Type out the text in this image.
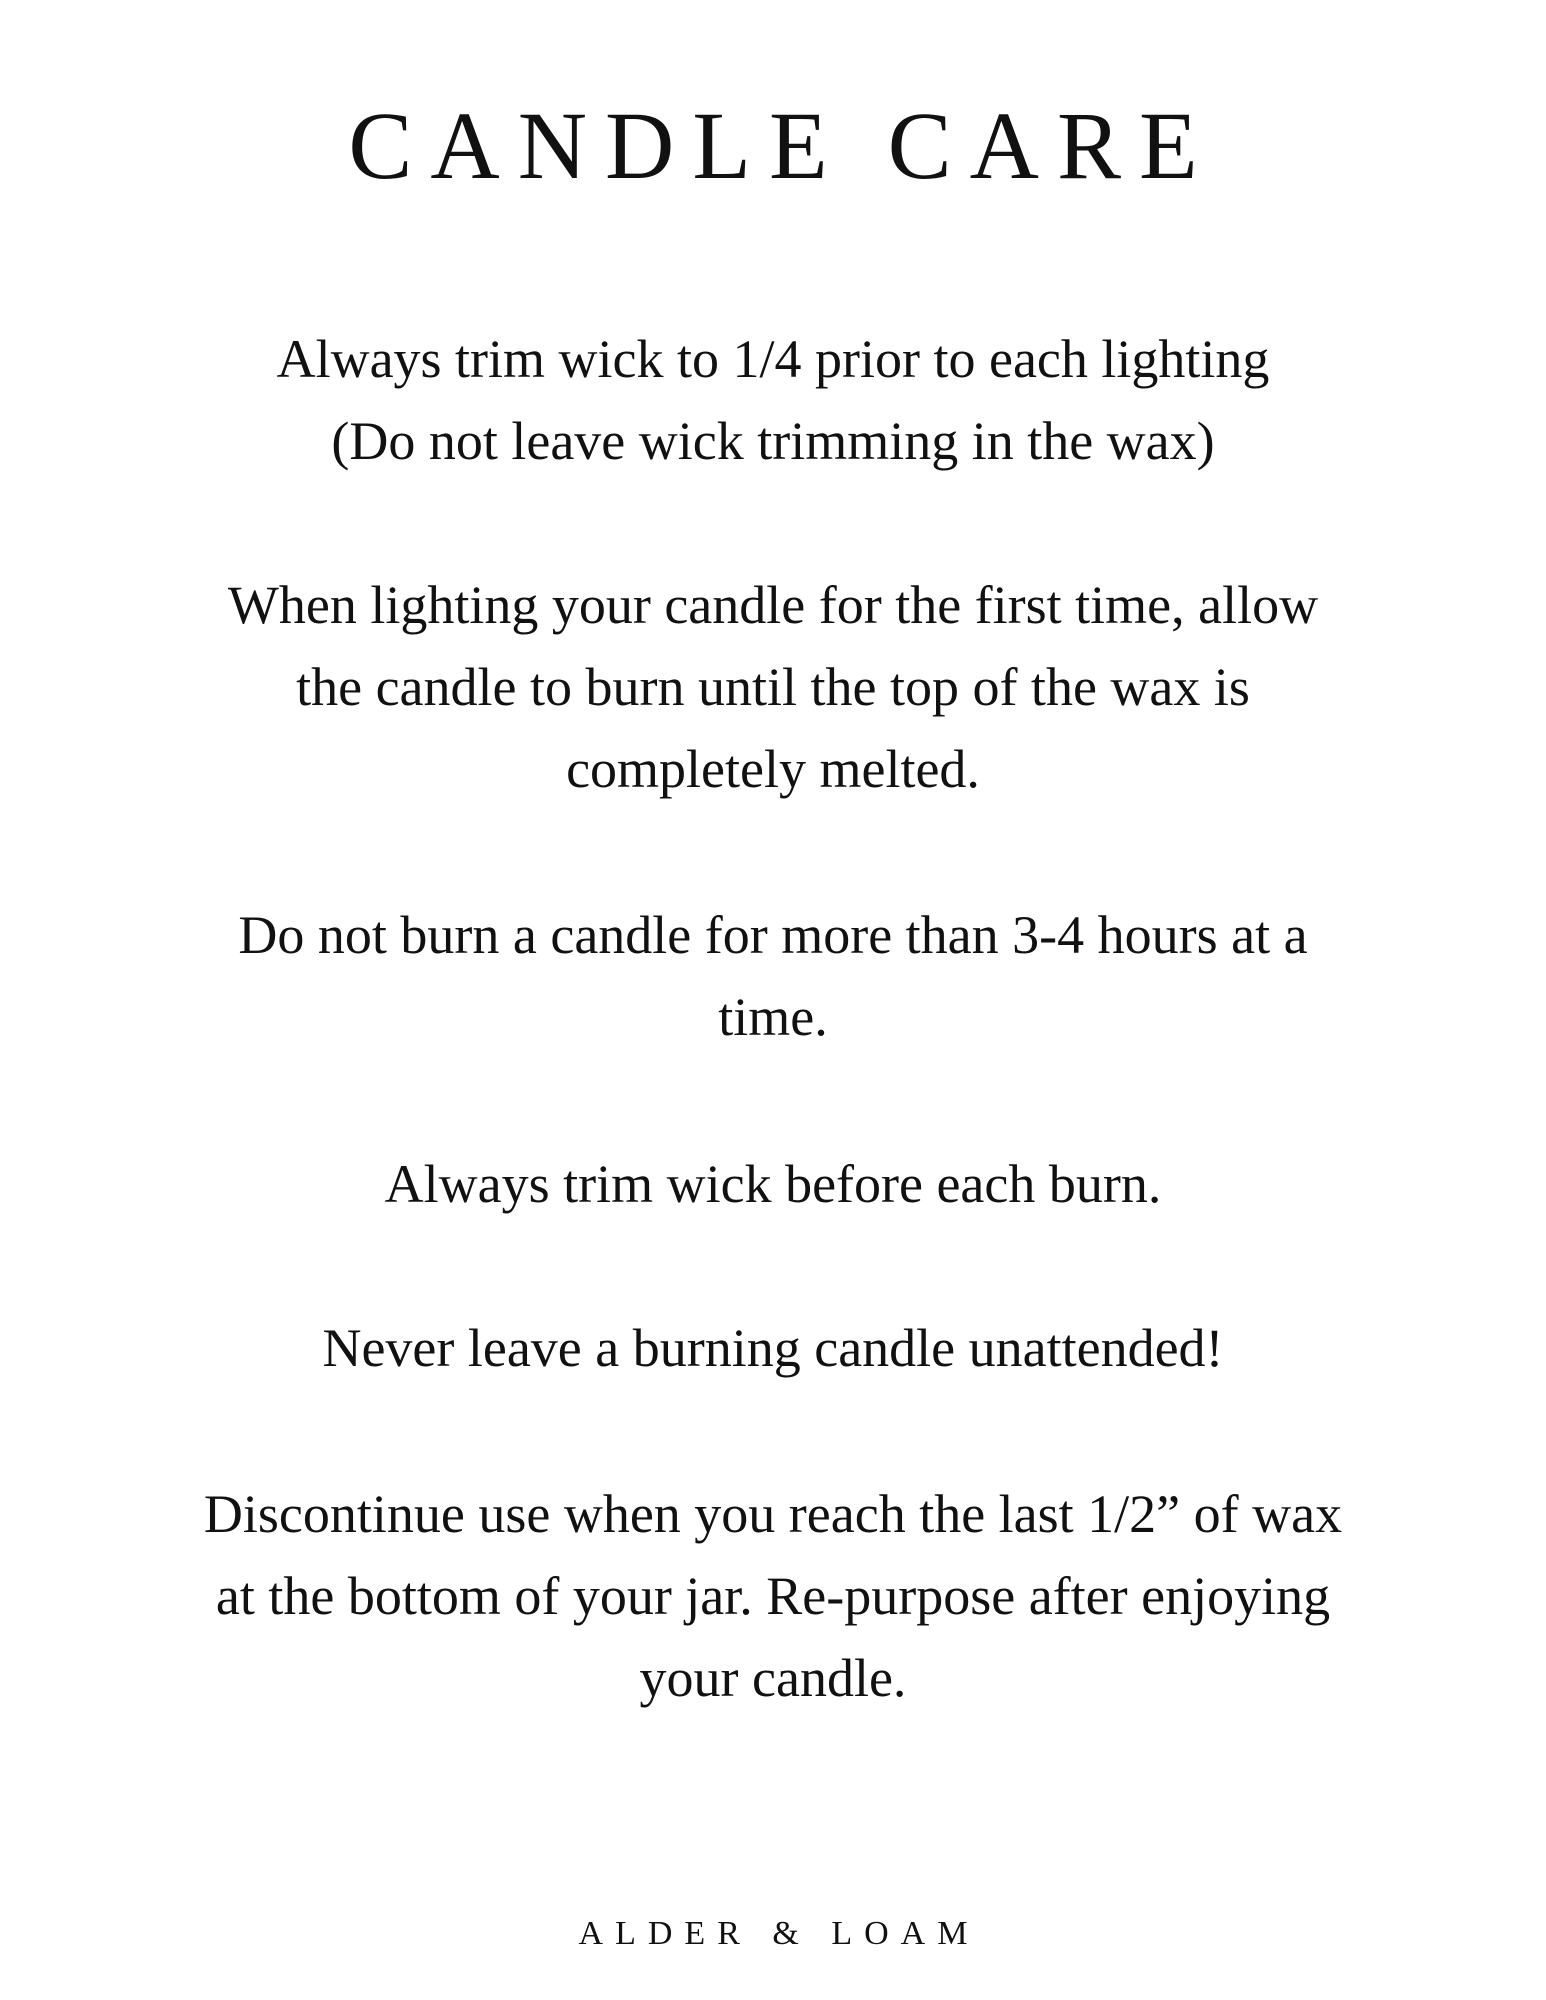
CANDLE CARE

Always trim wick to 1/4 prior to each lighting
(Do not leave wick trimming in the wax)

When lighting your candle for the first time, allow
the candle to burn until the top of the wax is
completely melted.

Do not burn a candle for more than 3-4 hours at a
time.

Always trim wick before each burn.

Never leave a burning candle unattended!

Discontinue use when you reach the last 1/2” of wax
at the bottom of your jar. Re-purpose after enjoying
your candle.

ALDER & LOAM
